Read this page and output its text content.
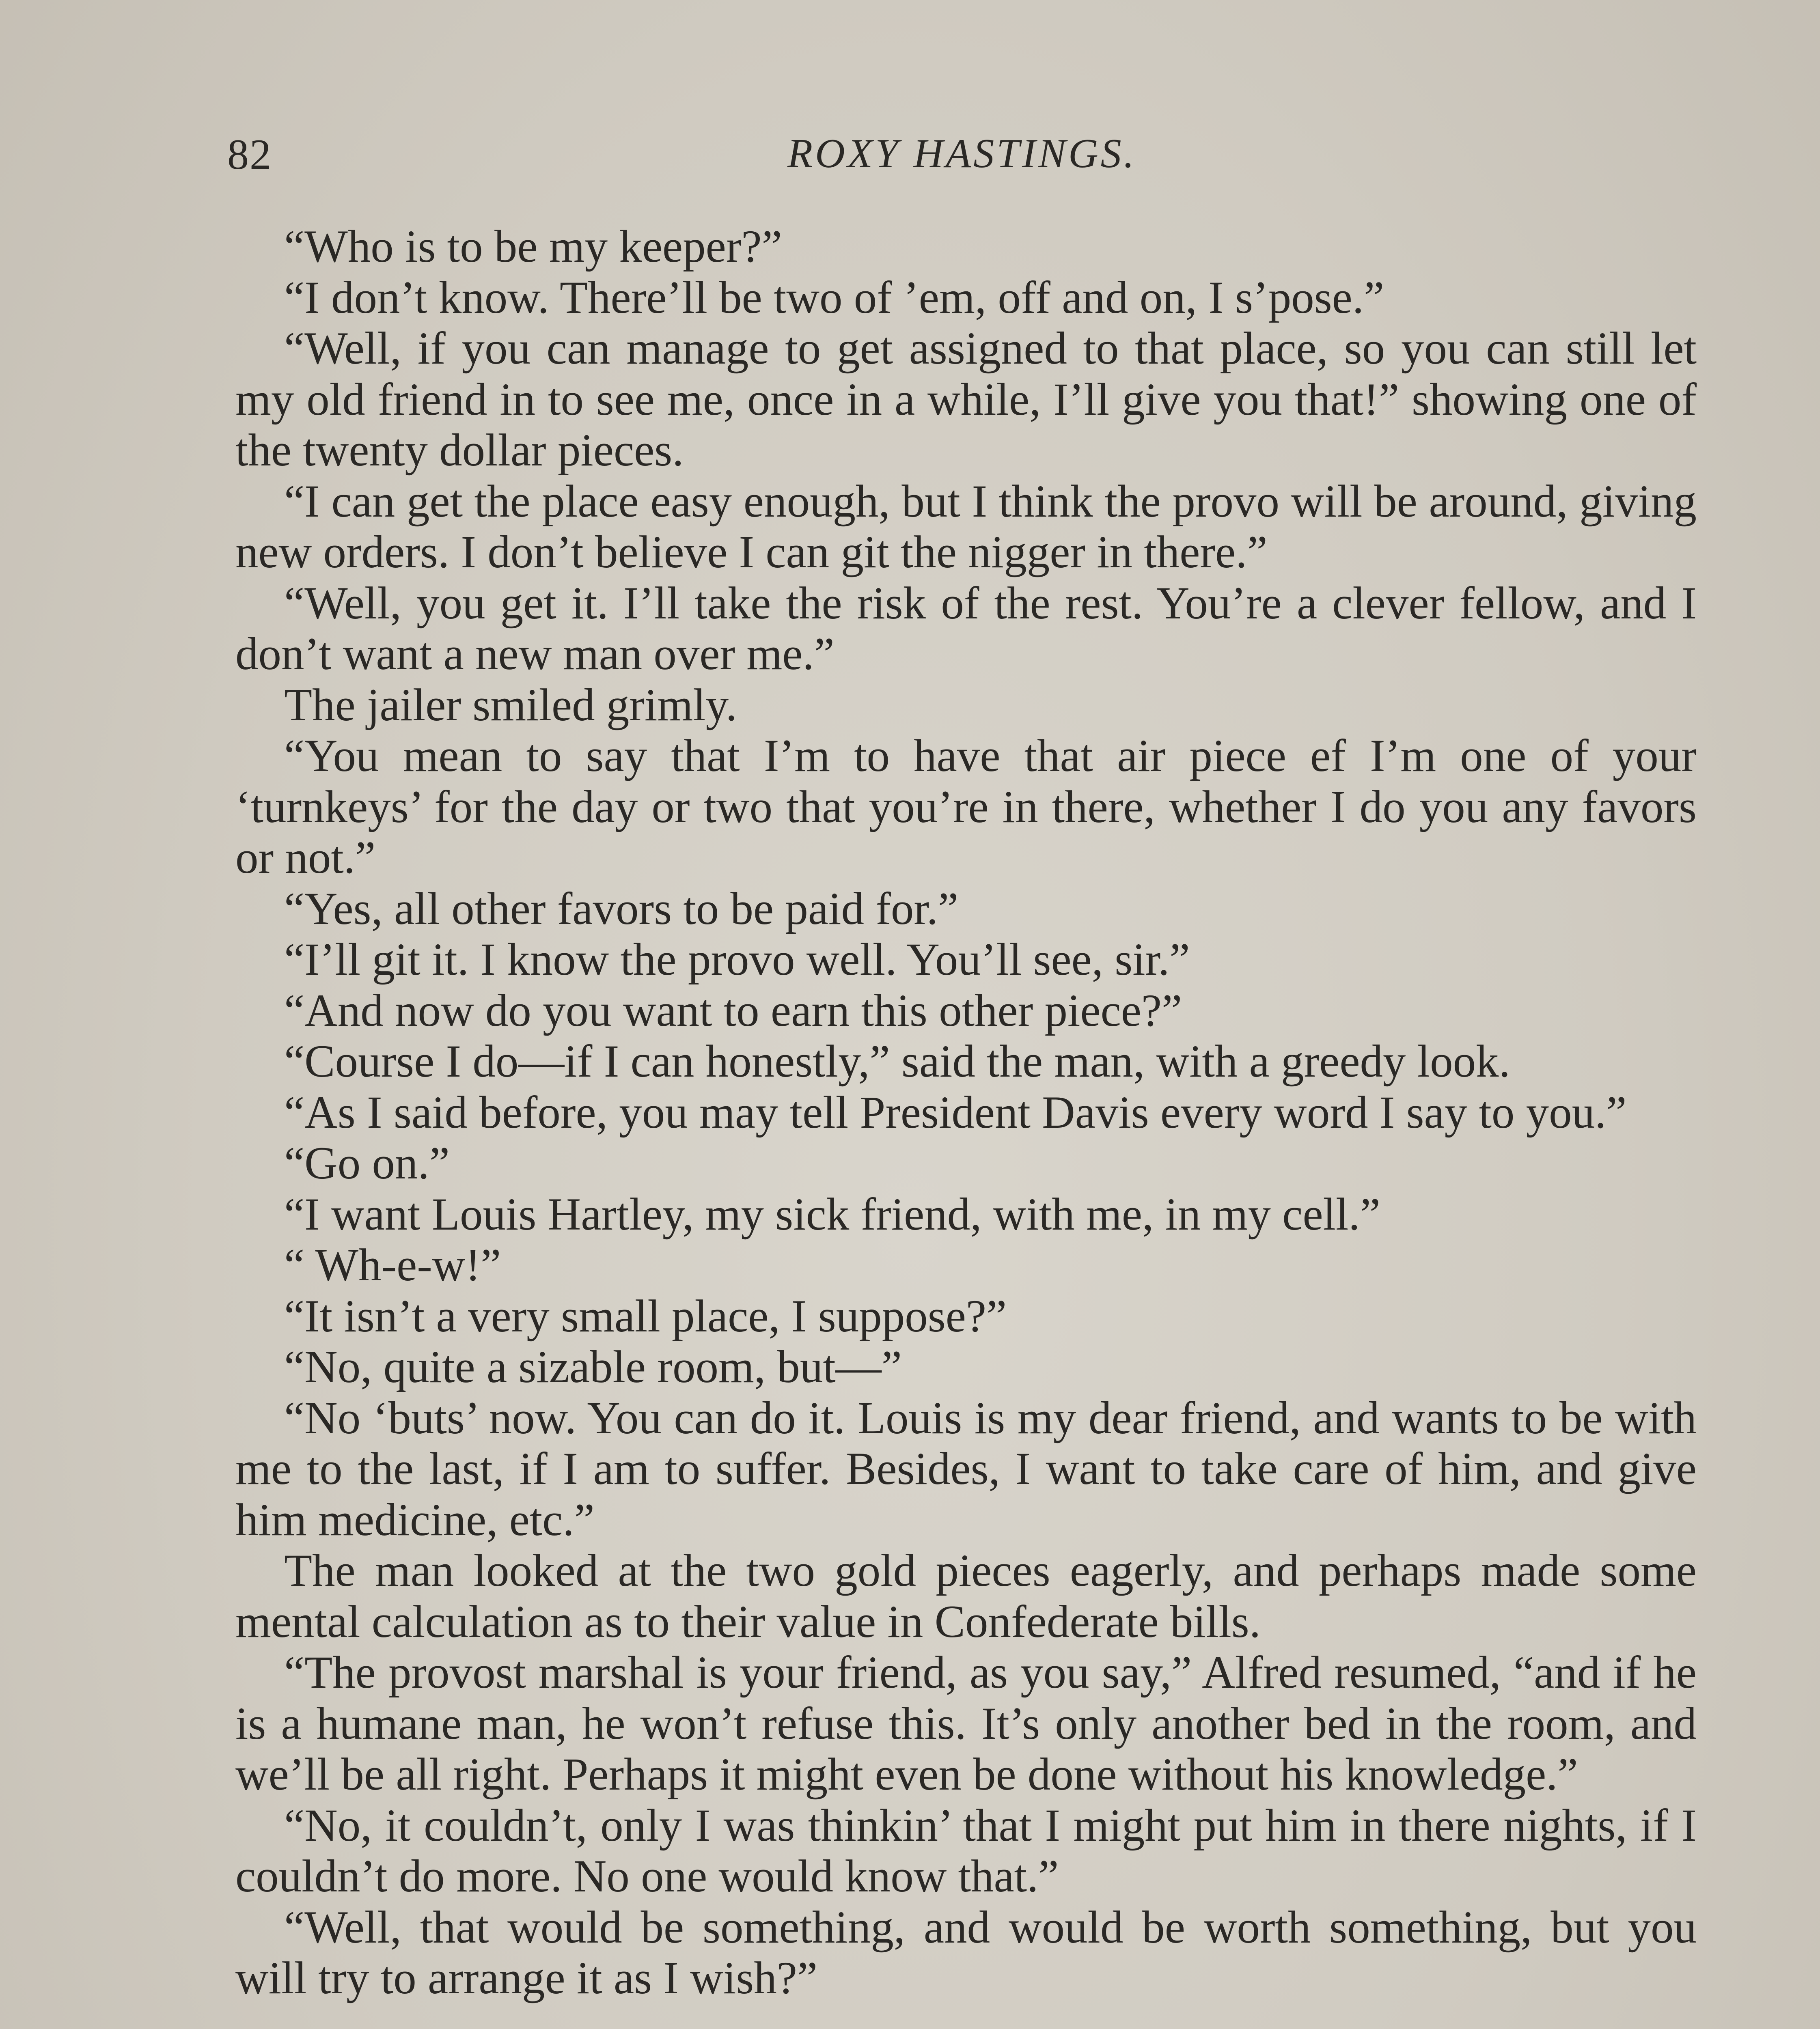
82	ROXY HASTINGS.

“Who is to be my keeper?”

“I don’t know. There’ll be two of ’em, off and on, I s’pose.”

“Well, if you can manage to get assigned to that place, so you can still let my old friend in to see me, once in a while, I’ll give you that!” showing one of the twenty dollar pieces.

“I can get the place easy enough, but I think the provo will be around, giving new orders. I don’t believe I can git the nigger in there.”

“Well, you get it. I’ll take the risk of the rest. You’re a clever fellow, and I don’t want a new man over me.”

The jailer smiled grimly.

“You mean to say that I’m to have that air piece ef I’m one of your ‘turnkeys’ for the day or two that you’re in there, whether I do you any favors or not.”

“Yes, all other favors to be paid for.”

“I’ll git it. I know the provo well. You’ll see, sir.”

“And now do you want to earn this other piece?”

“Course I do—if I can honestly,” said the man, with a greedy look.

“As I said before, you may tell President Davis every word I say to you.”

“Go on.”

“I want Louis Hartley, my sick friend, with me, in my cell.”

“ Wh-e-w!”

“It isn’t a very small place, I suppose?”

“No, quite a sizable room, but—”

“No ‘buts’ now. You can do it. Louis is my dear friend, and wants to be with me to the last, if I am to suffer. Besides, I want to take care of him, and give him medicine, etc.”

The man looked at the two gold pieces eagerly, and perhaps made some mental calculation as to their value in Confederate bills.

“The provost marshal is your friend, as you say,” Alfred resumed, “and if he is a humane man, he won’t refuse this. It’s only another bed in the room, and we’ll be all right. Perhaps it might even be done without his knowledge.”

“No, it couldn’t, only I was thinkin’ that I might put him in there nights, if I couldn’t do more. No one would know that.”

“Well, that would be something, and would be worth something, but you will try to arrange it as I wish?”
